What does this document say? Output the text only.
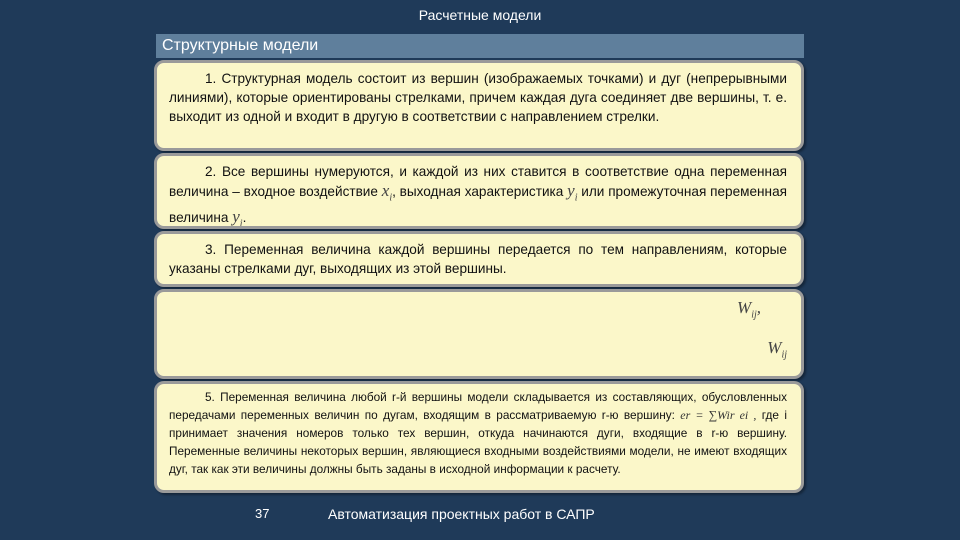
Расчетные модели
Структурные модели

1. Структурная модель состоит из вершин (изображаемых точками) и дуг (непрерывными линиями), которые ориентированы стрелками, причем каждая дуга соединяет две вершины, т. е. выходит из одной и входит в другую в соответствии с направлением стрелки.

2. Все вершины нумеруются, и каждой из них ставится в соответствие одна переменная величина – входное воздействие $x_i$, выходная характеристика $y_i$ или промежуточная переменная величина $y_i$.

3. Переменная величина каждой вершины передается по тем направлениям, которые указаны стрелками дуг, выходящих из этой вершины.

$W_{ij}$,
$W_{ij}$

5. Переменная величина любой r-й вершины модели складывается из составляющих, обусловленных передачами переменных величин по дугам, входящим в рассматриваемую r-ю вершину: er = ∑Wir ei , где i принимает значения номеров только тех вершин, откуда начинаются дуги, входящие в r-ю вершину. Переменные величины некоторых вершин, являющиеся входными воздействиями модели, не имеют входящих дуг, так как эти величины должны быть заданы в исходной информации к расчету.

37	Автоматизация проектных работ в САПР
